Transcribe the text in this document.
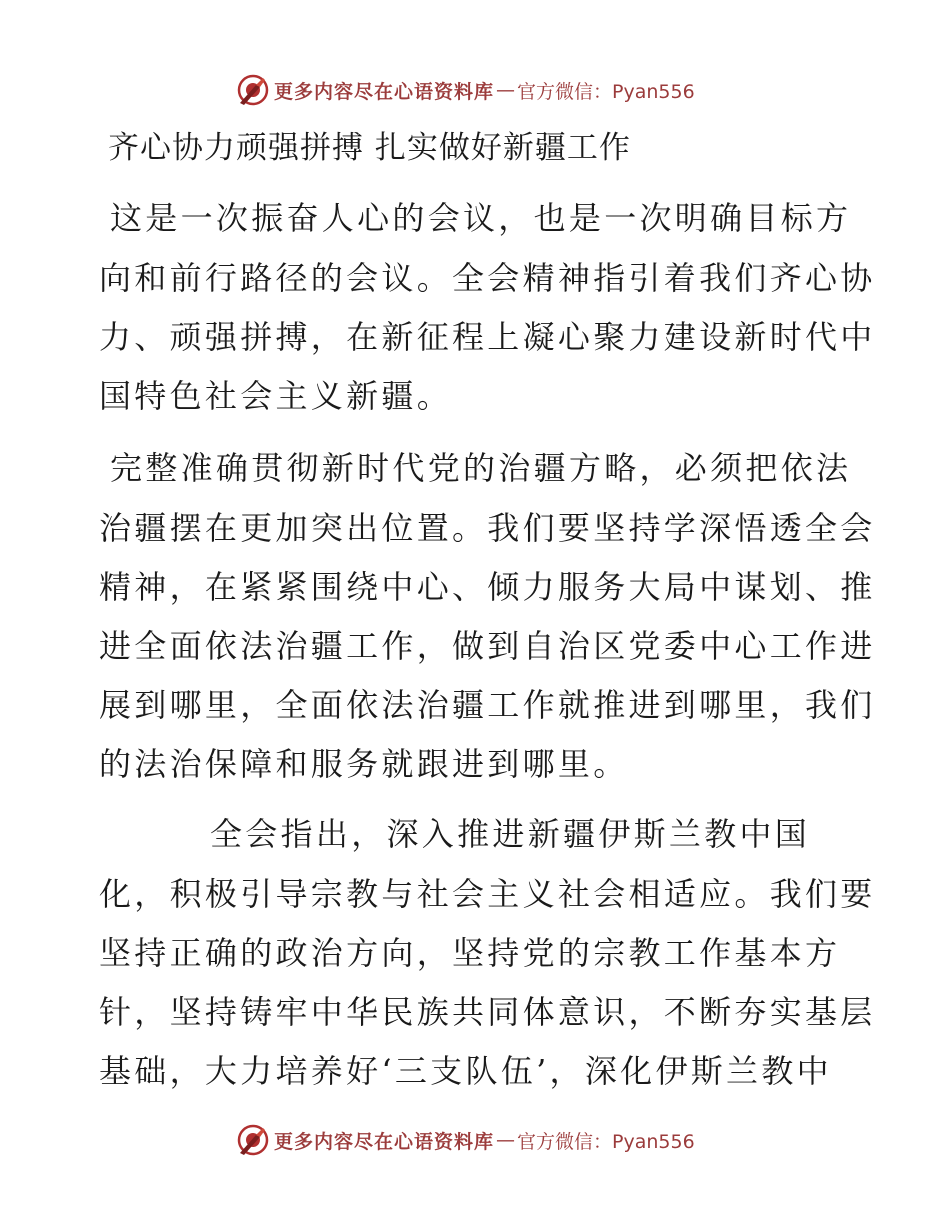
更多内容尽在心语资料库 — 官方微信：Pyan556
齐心协力顽强拼搏 扎实做好新疆工作
这是一次振奋人心的会议，也是一次明确目标方
向和前行路径的会议。全会精神指引着我们齐心协
力、顽强拼搏，在新征程上凝心聚力建设新时代中
国特色社会主义新疆。
完整准确贯彻新时代党的治疆方略，必须把依法
治疆摆在更加突出位置。我们要坚持学深悟透全会
精神，在紧紧围绕中心、倾力服务大局中谋划、推
进全面依法治疆工作，做到自治区党委中心工作进
展到哪里，全面依法治疆工作就推进到哪里，我们
的法治保障和服务就跟进到哪里。
全会指出，深入推进新疆伊斯兰教中国
化，积极引导宗教与社会主义社会相适应。我们要
坚持正确的政治方向，坚持党的宗教工作基本方
针，坚持铸牢中华民族共同体意识，不断夯实基层
基础，大力培养好‘三支队伍’，深化伊斯兰教中
更多内容尽在心语资料库 — 官方微信：Pyan556
